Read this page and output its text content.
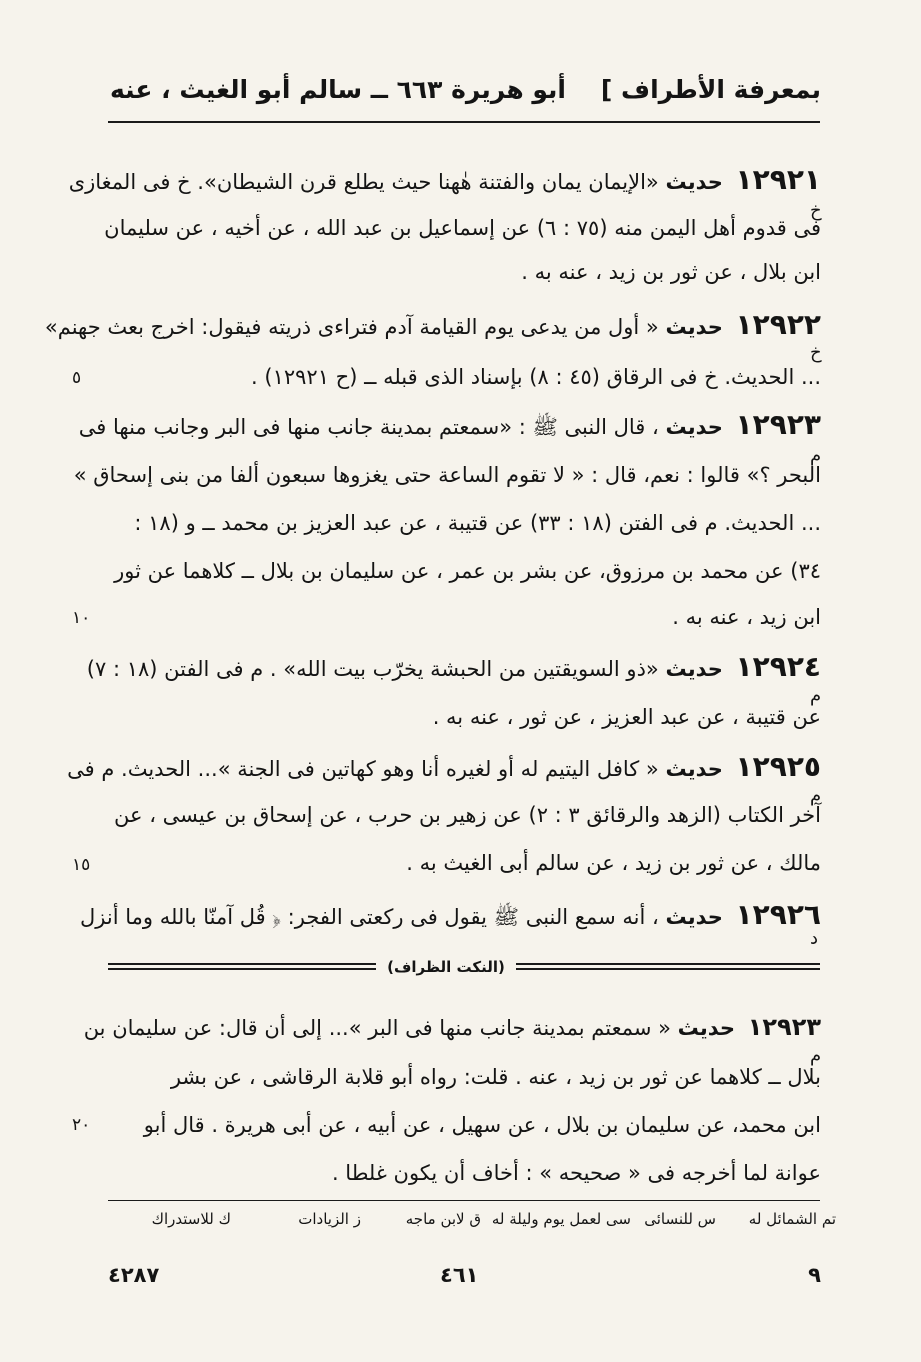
بمعرفة الأطراف ]
أبو هريرة ٦٦٣ ــ سالم أبو الغيث ، عنه
١٢٩٢١ حديث «الإيمان يمان والفتنة هٰهنا حيث يطلع قرن الشيطان». خ فى المغازى
فى قدوم أهل اليمن منه (٧٥ : ٦) عن إسماعيل بن عبد الله ، عن أخيه ، عن سليمان
ابن بلال ، عن ثور بن زيد ، عنه به .
خ
١٢٩٢٢ حديث « أول من يدعى يوم القيامة آدم فتراءى ذريته فيقول: اخرج بعث جهنم»
... الحديث. خ فى الرقاق (٤٥ : ٨) بإسناد الذى قبله ــ (ح ١٢٩٢١) .
خ
١٢٩٢٣ حديث ، قال النبى ﷺ : «سمعتم بمدينة جانب منها فى البر وجانب منها فى
البحر ؟» قالوا : نعم، قال : « لا تقوم الساعة حتى يغزوها سبعون ألفا من بنى إسحاق »
... الحديث. م فى الفتن (١٨ : ٣٣) عن قتيبة ، عن عبد العزيز بن محمد ــ و (١٨ :
٣٤) عن محمد بن مرزوق، عن بشر بن عمر ، عن سليمان بن بلال ــ كلاهما عن ثور
ابن زيد ، عنه به .
م
١٢٩٢٤ حديث «ذو السويقتين من الحبشة يخرّب بيت الله» . م فى الفتن (١٨ : ٧)
عن قتيبة ، عن عبد العزيز ، عن ثور ، عنه به .
م
١٢٩٢٥ حديث « كافل اليتيم له أو لغيره أنا وهو كهاتين فى الجنة »... الحديث. م فى
آخر الكتاب (الزهد والرقائق ٣ : ٢) عن زهير بن حرب ، عن إسحاق بن عيسى ، عن
مالك ، عن ثور بن زيد ، عن سالم أبى الغيث به .
م
١٢٩٢٦ حديث ، أنه سمع النبى ﷺ يقول فى ركعتى الفجر: ﴿ قُل آمنّا بالله وما أنزل
د
(النكت الظراف)
١٢٩٢٣ حديث « سمعتم بمدينة جانب منها فى البر »... إلى أن قال: عن سليمان بن
بلال ــ كلاهما عن ثور بن زيد ، عنه . قلت: رواه أبو قلابة الرقاشى ، عن بشر
ابن محمد، عن سليمان بن بلال ، عن سهيل ، عن أبيه ، عن أبى هريرة . قال أبو
عوانة لما أخرجه فى « صحيحه » : أخاف أن يكون غلطا .
م
٥
١٠
١٥
٢٠
تم الشمائل له
س للنسائى
سى لعمل يوم وليلة له
ق لابن ماجه
ز الزيادات
ك للاستدراك
٩
٤٦١
٤٢٨٧
